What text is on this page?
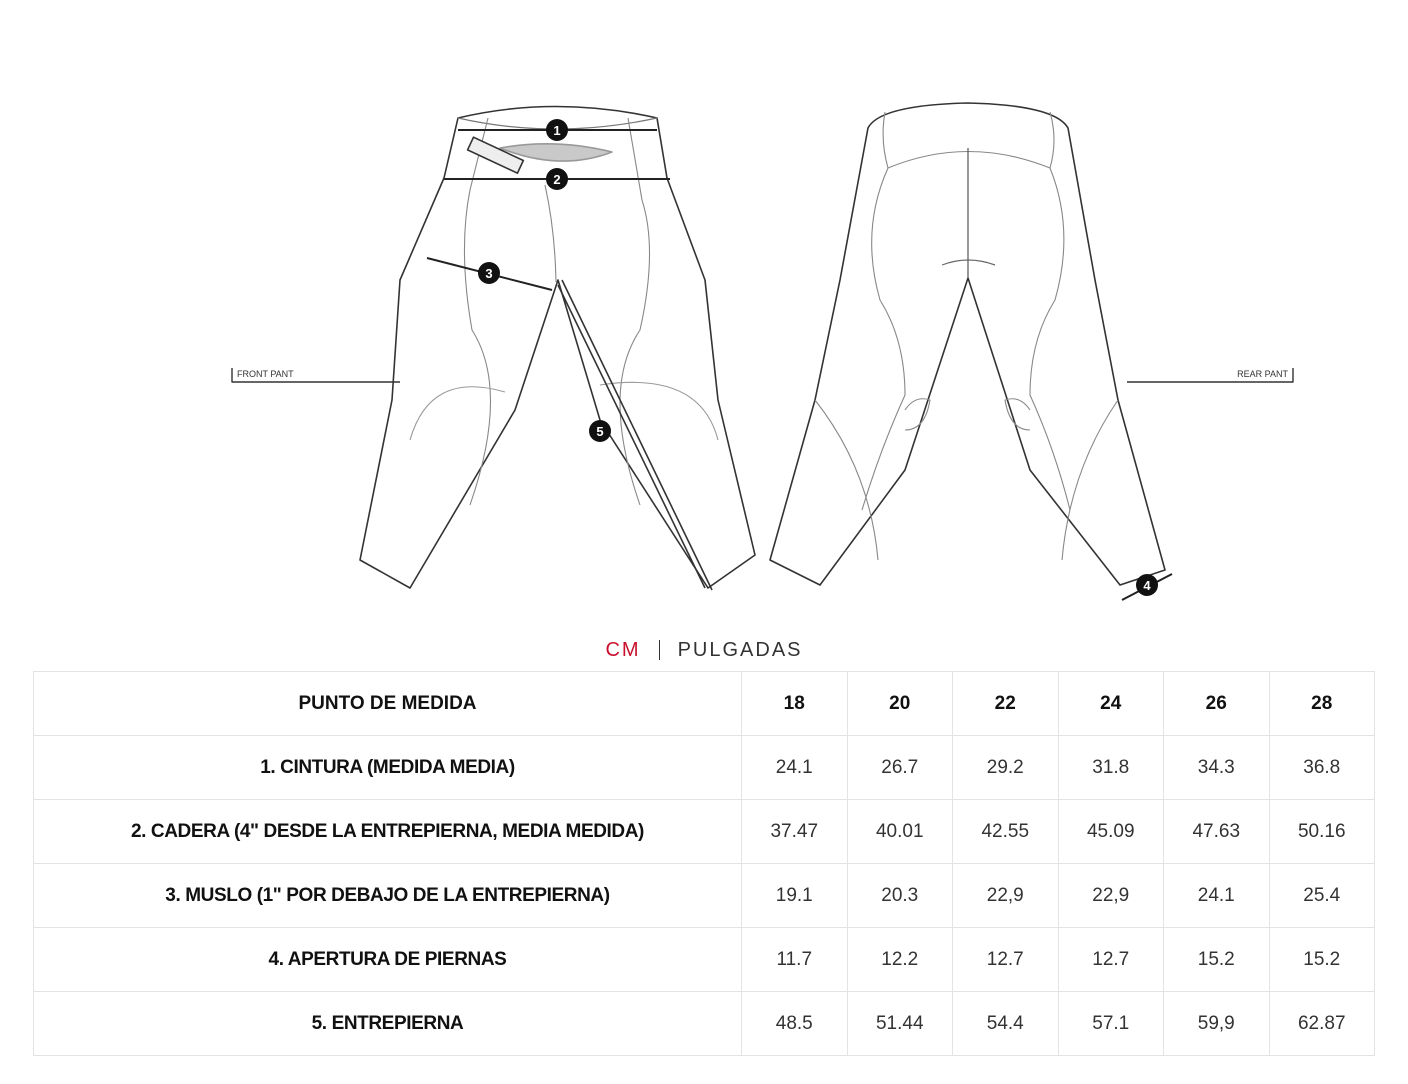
FRONT PANT	REAR PANT
1
2
3
4
5
CM PULGADAS
PUNTO DE MEDIDA	18	20	22	24	26	28
1. CINTURA (MEDIDA MEDIA)	24.1	26.7	29.2	31.8	34.3	36.8
2. CADERA (4" DESDE LA ENTREPIERNA, MEDIA MEDIDA)	37.47	40.01	42.55	45.09	47.63	50.16
3. MUSLO (1" POR DEBAJO DE LA ENTREPIERNA)	19.1	20.3	22,9	22,9	24.1	25.4
4. APERTURA DE PIERNAS	11.7	12.2	12.7	12.7	15.2	15.2
5. ENTREPIERNA	48.5	51.44	54.4	57.1	59,9	62.87
